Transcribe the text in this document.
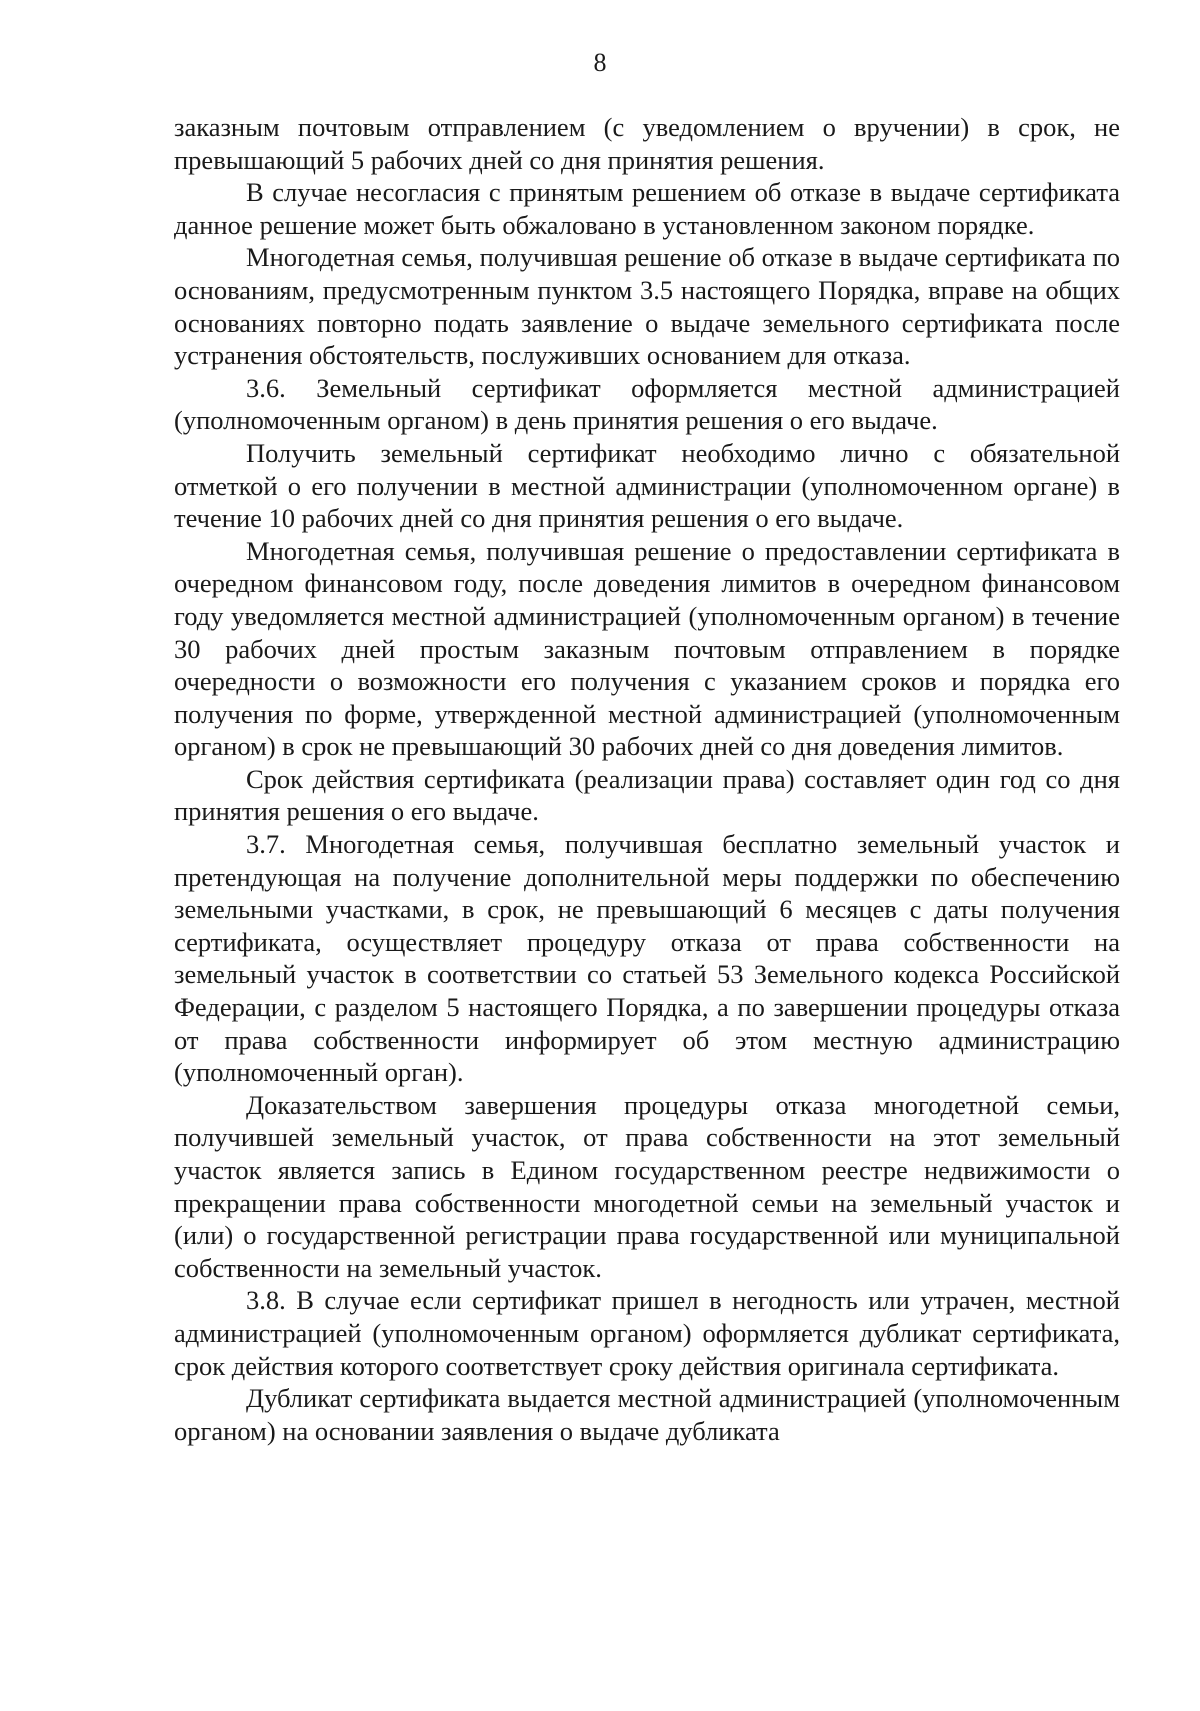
8

заказным почтовым отправлением (с уведомлением о вручении) в срок, не превышающий 5 рабочих дней со дня принятия решения.

В случае несогласия с принятым решением об отказе в выдаче сертификата данное решение может быть обжаловано в установленном законом порядке.

Многодетная семья, получившая решение об отказе в выдаче сертификата по основаниям, предусмотренным пунктом 3.5 настоящего Порядка, вправе на общих основаниях повторно подать заявление о выдаче земельного сертификата после устранения обстоятельств, послуживших основанием для отказа.

3.6. Земельный сертификат оформляется местной администрацией (уполномоченным органом) в день принятия решения о его выдаче.

Получить земельный сертификат необходимо лично с обязательной отметкой о его получении в местной администрации (уполномоченном органе) в течение 10 рабочих дней со дня принятия решения о его выдаче.

Многодетная семья, получившая решение о предоставлении сертификата в очередном финансовом году, после доведения лимитов в очередном финансовом году уведомляется местной администрацией (уполномоченным органом) в течение 30 рабочих дней простым заказным почтовым отправлением в порядке очередности о возможности его получения с указанием сроков и порядка его получения по форме, утвержденной местной администрацией (уполномоченным органом) в срок не превышающий 30 рабочих дней со дня доведения лимитов.

Срок действия сертификата (реализации права) составляет один год со дня принятия решения о его выдаче.

3.7. Многодетная семья, получившая бесплатно земельный участок и претендующая на получение дополнительной меры поддержки по обеспечению земельными участками, в срок, не превышающий 6 месяцев с даты получения сертификата, осуществляет процедуру отказа от права собственности на земельный участок в соответствии со статьей 53 Земельного кодекса Российской Федерации, с разделом 5 настоящего Порядка, а по завершении процедуры отказа от права собственности информирует об этом местную администрацию (уполномоченный орган).

Доказательством завершения процедуры отказа многодетной семьи, получившей земельный участок, от права собственности на этот земельный участок является запись в Едином государственном реестре недвижимости о прекращении права собственности многодетной семьи на земельный участок и (или) о государственной регистрации права государственной или муниципальной собственности на земельный участок.

3.8. В случае если сертификат пришел в негодность или утрачен, местной администрацией (уполномоченным органом) оформляется дубликат сертификата, срок действия которого соответствует сроку действия оригинала сертификата.

Дубликат сертификата выдается местной администрацией (уполномоченным органом) на основании заявления о выдаче дубликата
